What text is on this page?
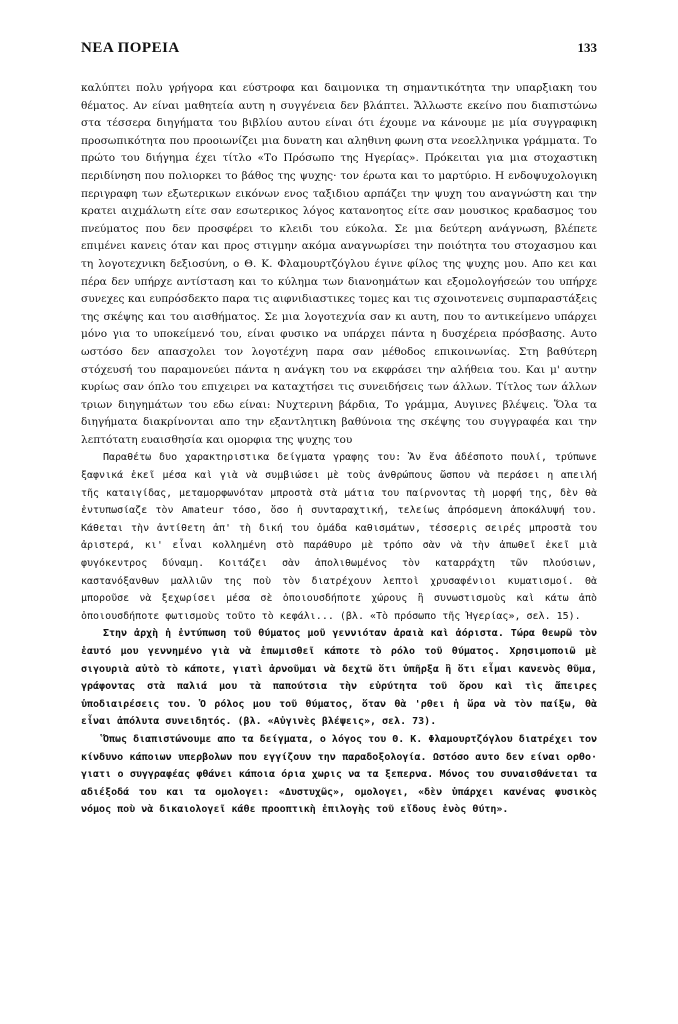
ΝΕΑ ΠΟΡΕΙΑ	133

καλύπτει πολυ γρήγορα και εύστροφα και δαιμονικα τη σημαντικότητα την υπαρξιακη του θέματος. Αν είναι μαθητεία αυτη η συγγένεια δεν βλάπτει. Ἄλλωστε εκείνο που διαπιστώνω στα τέσσερα διηγήματα του βιβλίου αυτου είναι ότι έχουμε να κάνουμε με μία συγγραφικη προσωπικότητα που προοιωνίζει μια δυνατη και αληθινη φωνη στα νεοελληνικα γράμματα. Το πρώτο του διήγημα έχει τίτλο «Το Πρόσωπο της Ηγερίας». Πρόκειται για μια στοχαστικη περιδίνηση που πολιορκει το βάθος της ψυχης· τον έρωτα και το μαρτύριο. Η ενδοψυχολογικη περιγραφη των εξωτερικων εικόνων ενος ταξιδιου αρπάζει την ψυχη του αναγνώστη και την κρατει αιχμάλωτη είτε σαν εσωτερικος λόγος κατανοητος είτε σαν μουσικος κραδασμος του πνεύματος που δεν προσφέρει το κλειδι του εύκολα. Σε μια δεύτερη ανάγνωση, βλέπετε επιμένει κανεις όταν και προς στιγμην ακόμα αναγνωρίσει την ποιότητα του στοχασμου και τη λογοτεχνικη δεξιοσύνη, ο Θ. Κ. Φλαμουρτζόγλου έγινε φίλος της ψυχης μου. Απο κει και πέρα δεν υπήρχε αντίσταση και το κύλημα των διανοημάτων και εξομολογήσεών του υπήρχε συνεχες και ευπρόσδεκτο παρα τις αιφνιδιαστικες τομες και τις σχοινοτενεις συμπαραστάξεις της σκέψης και του αισθήματος. Σε μια λογοτεχνία σαν κι αυτη, που το αντικείμενο υπάρχει μόνο για το υποκείμενό του, είναι φυσικο να υπάρχει πάντα η δυσχέρεια πρόσβασης. Αυτο ωστόσο δεν απασχολει τον λογοτέχνη παρα σαν μέθοδος επικοινωνίας. Στη βαθύτερη στόχευσή του παραμονεύει πάντα η ανάγκη του να εκφράσει την αλήθεια του. Και μ' αυτην κυρίως σαν όπλο του επιχειρει να καταχτήσει τις συνειδήσεις των άλλων. Τίτλος των άλλων τριων διηγημάτων του εδω είναι: Νυχτερινη βάρδια, Το γράμμα, Αυγινες βλέψεις. Ὅλα τα διηγήματα διακρίνονται απο την εξαντλητικη βαθύνοια της σκέψης του συγγραφέα και την λεπτότατη ευαισθησία και ομορφια της ψυχης του

Παραθέτω δυο χαρακτηριστικα δείγματα γραφης του: Ἄν ἕνα ἀδέσποτο πουλί, τρύπωνε ξαφνικά ἐκεῖ μέσα καὶ γιὰ νὰ συμβιώσει μὲ τοὺς ἀνθρώπους ὥσπου νὰ περάσει η απειλή τῆς καταιγίδας, μεταμορφωνόταν μπροστὰ στὰ μάτια του παίρνοντας τὴ μορφή της, δὲν θὰ ἐντυπωσίαζε τὸν Amateur τόσο, ὅσο ἡ συνταραχτική, τελείως ἀπρόσμενη ἀποκάλυψή του. Κάθεται τὴν ἀντίθετη ἀπ' τὴ δική του ὁμάδα καθισμάτων, τέσσερις σειρές μπροστὰ του ἀριστερά, κι' εἶναι κολλημένη στὸ παράθυρο μὲ τρόπο σὰν νὰ τὴν ἀπωθεῖ ἐκεῖ μιὰ φυγόκεντρος δύναμη. Κοιτάζει σὰν ἀπολιθωμένος τὸν καταρράχτη τῶν πλούσιων, καστανόξανθων μαλλιῶν της ποὺ τὸν διατρέχουν λεπτοὶ χρυσαφένιοι κυματισμοί. Θὰ μποροῦσε νὰ ξεχωρίσει μέσα σὲ ὁποιουσδήποτε χώρους ἢ συνωστισμοὺς καὶ κάτω ἀπὸ ὁποιουσδήποτε φωτισμοὺς τοῦτο τὸ κεφάλι... (βλ. «Τὸ πρόσωπο τῆς Ἡγερίας», σελ. 15).

Στην ἀρχὴ ἡ ἐντύπωση τοῦ θύματος μοῦ γεννιόταν ἀραιὰ καὶ ἀόριστα. Τώρα θεωρῶ τὸν ἑαυτό μου γεννημένο γιὰ νὰ ἐπωμισθεῖ κάποτε τὸ ρόλο τοῦ θύματος. Χρησιμοποιῶ μὲ σιγουριὰ αὐτὸ τὸ κάποτε, γιατὶ ἀρνοῦμαι νὰ δεχτῶ ὅτι ὑπῆρξα ἢ ὅτι εἶμαι κανενὸς θῦμα, γράφοντας στὰ παλιά μου τὰ παπούτσια τὴν εὐρύτητα τοῦ ὅρου καὶ τὶς ἄπειρες ὑποδιαιρέσεις του. Ὁ ρόλος μου τοῦ θύματος, ὅταν θὰ 'ρθει ἡ ὥρα νὰ τὸν παίξω, θὰ εἶναι ἀπόλυτα συνειδητός. (βλ. «Αὐγινὲς βλέψεις», σελ. 73).

Ὅπως διαπιστώνουμε απο τα δείγματα, ο λόγος του Θ. Κ. Φλαμουρτζόγλου διατρέχει τον κίνδυνο κάποιων υπερβολων που εγγίζουν την παραδοξολογία. Ωστόσο αυτο δεν είναι ορθο· γιατι ο συγγραφέας φθάνει κάποια όρια χωρις να τα ξεπερνα. Μόνος του συναισθάνεται τα αδιέξοδά του και τα ομολογει: «Δυστυχῶς», ομολογει, «δὲν ὑπάρχει κανένας φυσικὸς νόμος ποὺ νὰ δικαιολογεῖ κάθε προοπτικὴ ἐπιλογὴς τοῦ εἴδους ἑνὸς θύτη».
